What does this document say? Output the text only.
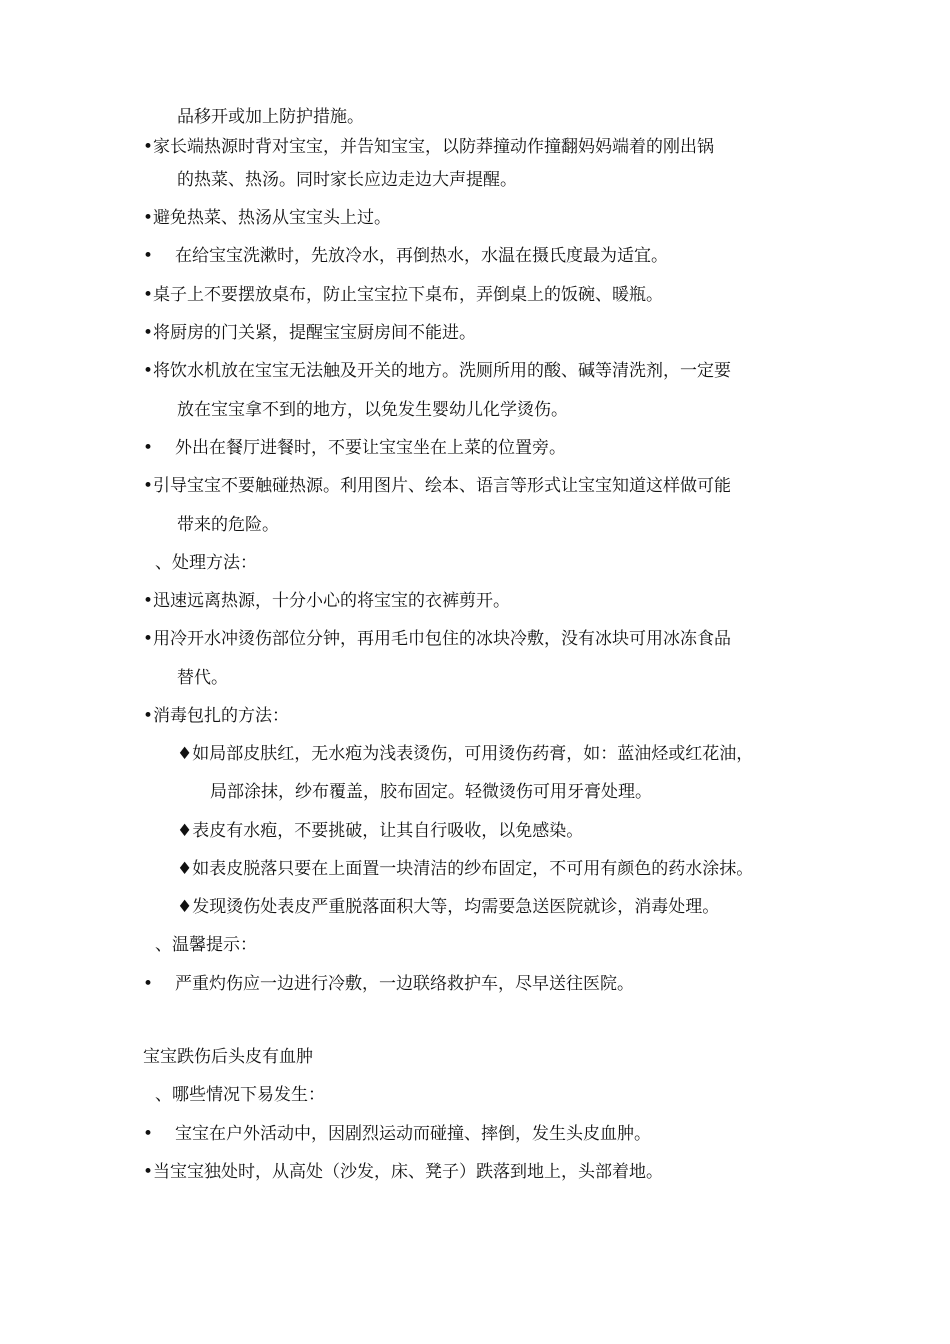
品移开或加上防护措施。
•家长端热源时背对宝宝，并告知宝宝，以防莽撞动作撞翻妈妈端着的刚出锅
的热菜、热汤。同时家长应边走边大声提醒。
•避免热菜、热汤从宝宝头上过。
• 在给宝宝洗漱时，先放冷水，再倒热水，水温在摄氏度最为适宜。
•桌子上不要摆放桌布，防止宝宝拉下桌布，弄倒桌上的饭碗、暖瓶。
•将厨房的门关紧，提醒宝宝厨房间不能进。
•将饮水机放在宝宝无法触及开关的地方。洗厕所用的酸、碱等清洗剂，一定要
放在宝宝拿不到的地方，以免发生婴幼儿化学烫伤。
• 外出在餐厅进餐时，不要让宝宝坐在上菜的位置旁。
•引导宝宝不要触碰热源。利用图片、绘本、语言等形式让宝宝知道这样做可能
带来的危险。
、处理方法：
•迅速远离热源，十分小心的将宝宝的衣裤剪开。
•用冷开水冲烫伤部位分钟，再用毛巾包住的冰块冷敷，没有冰块可用冰冻食品
替代。
•消毒包扎的方法：
♦如局部皮肤红，无水疱为浅表烫伤，可用烫伤药膏，如：蓝油烃或红花油，
局部涂抹，纱布覆盖，胶布固定。轻微烫伤可用牙膏处理。
♦表皮有水疱，不要挑破，让其自行吸收，以免感染。
♦如表皮脱落只要在上面置一块清洁的纱布固定，不可用有颜色的药水涂抹。
♦发现烫伤处表皮严重脱落面积大等，均需要急送医院就诊，消毒处理。
、温馨提示：
• 严重灼伤应一边进行冷敷，一边联络救护车，尽早送往医院。
宝宝跌伤后头皮有血肿
、哪些情况下易发生：
• 宝宝在户外活动中，因剧烈运动而碰撞、摔倒，发生头皮血肿。
•当宝宝独处时，从高处（沙发，床、凳子）跌落到地上，头部着地。
